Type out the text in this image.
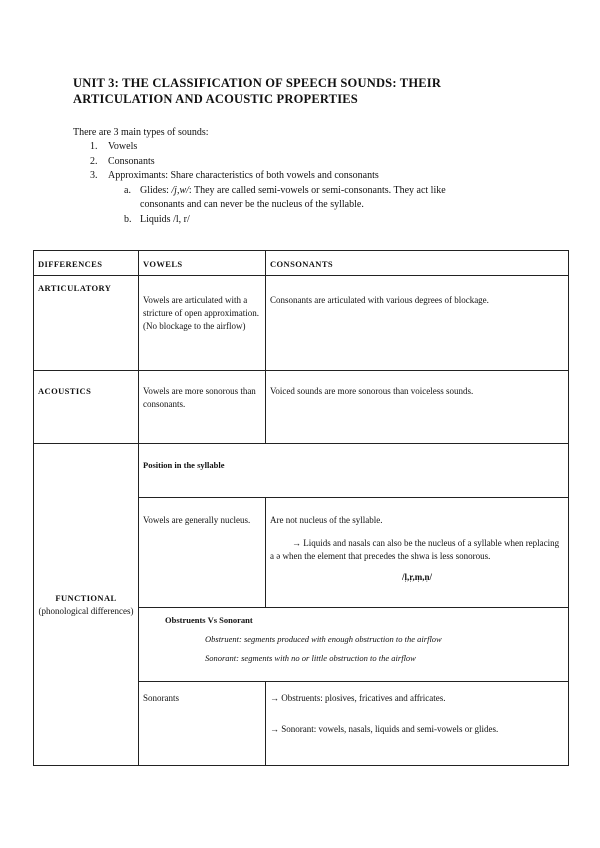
UNIT 3: THE CLASSIFICATION OF SPEECH SOUNDS: THEIR
ARTICULATION AND ACOUSTIC PROPERTIES
There are 3 main types of sounds:
1. Vowels
2. Consonants
3. Approximants: Share characteristics of both vowels and consonants
a. Glides: /j,w/: They are called semi-vowels or semi-consonants. They act like consonants and can never be the nucleus of the syllable.
b. Liquids /l, r/
DIFFERENCES	VOWELS	CONSONANTS

ARTICULATORY	Vowels are articulated with a stricture of open approximation. (No blockage to the airflow)	Consonants are articulated with various degrees of blockage.

ACOUSTICS	Vowels are more sonorous than consonants.	Voiced sounds are more sonorous than voiceless sounds.

FUNCTIONAL
(phonological differences)	Position in the syllable	

	Vowels are generally nucleus.	Are not nucleus of the syllable.
→ Liquids and nasals can also be the nucleus of a syllable when replacing a ə when the element that precedes the shwa is less sonorous.
/l̩,r̩,m̩,n̩/

	Obstruents Vs Sonorant
Obstruent: segments produced with enough obstruction to the airflow
Sonorant: segments with no or little obstruction to the airflow	

	Sonorants	→ Obstruents: plosives, fricatives and affricates.
→ Sonorant: vowels, nasals, liquids and semi-vowels or glides.
